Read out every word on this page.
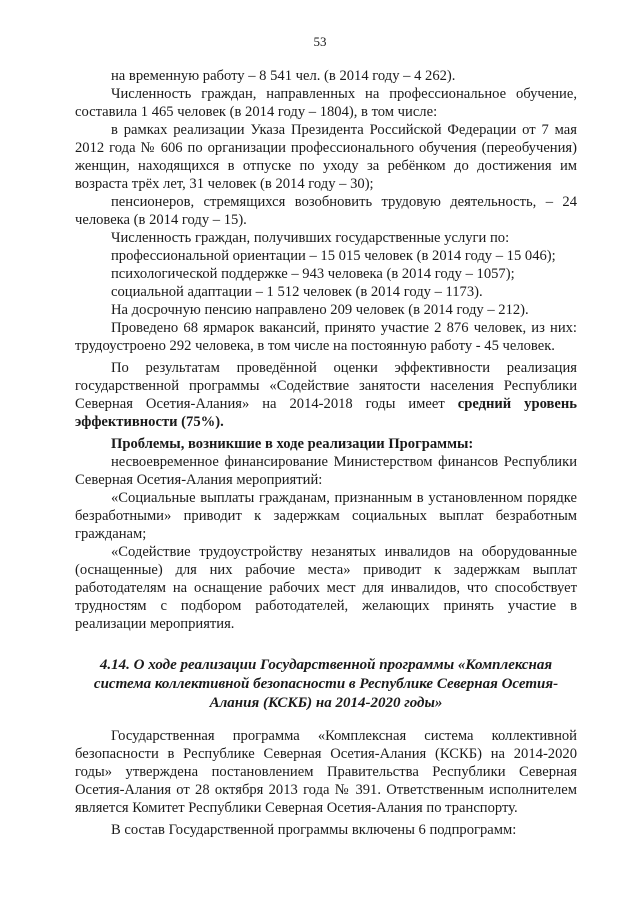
53

на временную работу – 8 541 чел. (в 2014 году – 4 262).

Численность граждан, направленных на профессиональное обучение, составила 1 465 человек (в 2014 году – 1804), в том числе:

в рамках реализации Указа Президента Российской Федерации от 7 мая 2012 года № 606 по организации профессионального обучения (переобучения) женщин, находящихся в отпуске по уходу за ребёнком до достижения им возраста трёх лет, 31 человек (в 2014 году – 30);

пенсионеров, стремящихся возобновить трудовую деятельность, – 24 человека (в 2014 году – 15).

Численность граждан, получивших государственные услуги по:

профессиональной ориентации – 15 015 человек (в 2014 году – 15 046);

психологической поддержке – 943 человека (в 2014 году – 1057);

социальной адаптации – 1 512 человек (в 2014 году – 1173).

На досрочную пенсию направлено 209 человек (в 2014 году – 212).

Проведено 68 ярмарок вакансий, принято участие 2 876 человек, из них: трудоустроено 292 человека, в том числе на постоянную работу - 45 человек.

По результатам проведённой оценки эффективности реализация государственной программы «Содействие занятости населения Республики Северная Осетия-Алания» на 2014-2018 годы имеет средний уровень эффективности (75%).

Проблемы, возникшие в ходе реализации Программы:

несвоевременное финансирование Министерством финансов Республики Северная Осетия-Алания мероприятий:

«Социальные выплаты гражданам, признанным в установленном порядке безработными» приводит к задержкам социальных выплат безработным гражданам;

«Содействие трудоустройству незанятых инвалидов на оборудованные (оснащенные) для них рабочие места» приводит к задержкам выплат работодателям на оснащение рабочих мест для инвалидов, что способствует трудностям с подбором работодателей, желающих принять участие в реализации мероприятия.

4.14. О ходе реализации Государственной программы «Комплексная система коллективной безопасности в Республике Северная Осетия-Алания (КСКБ) на 2014-2020 годы»

Государственная программа «Комплексная система коллективной безопасности в Республике Северная Осетия-Алания (КСКБ) на 2014-2020 годы» утверждена постановлением Правительства Республики Северная Осетия-Алания от 28 октября 2013 года № 391. Ответственным исполнителем является Комитет Республики Северная Осетия-Алания по транспорту.

В состав Государственной программы включены 6 подпрограмм:
